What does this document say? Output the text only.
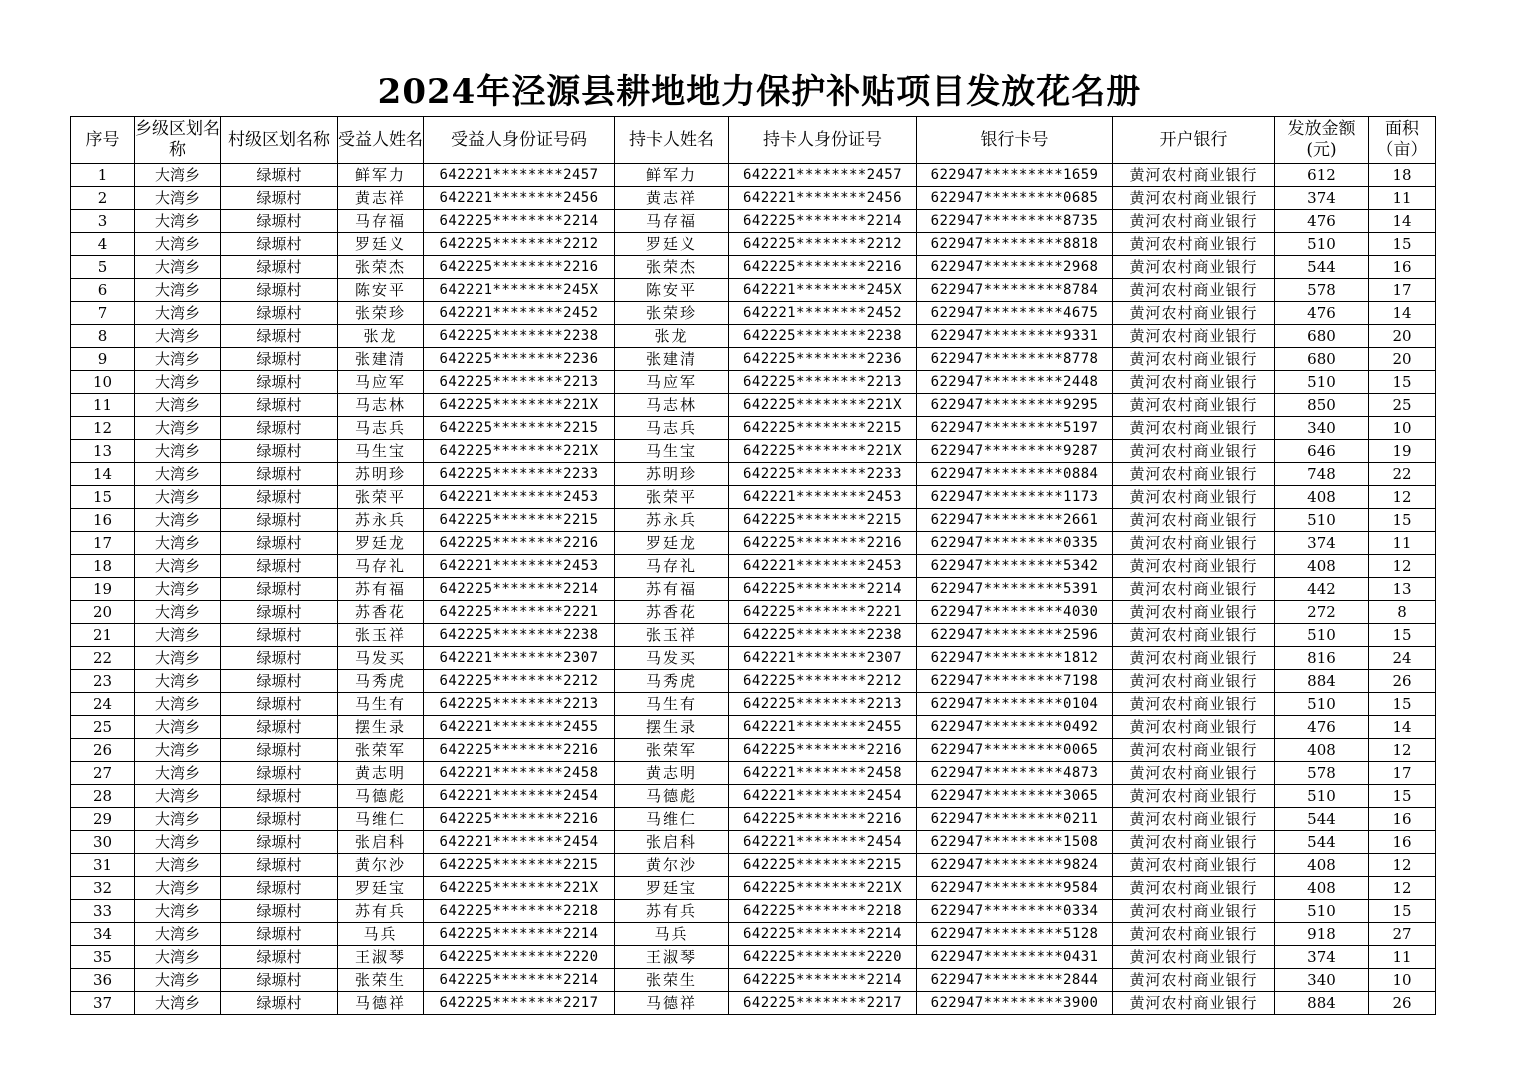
2024年泾源县耕地地力保护补贴项目发放花名册
序号	乡级区划名称	村级区划名称	受益人姓名	受益人身份证号码	持卡人姓名	持卡人身份证号	银行卡号	开户银行	发放金额(元)	面积（亩）
1	大湾乡	绿塬村	鲜军力	642221********2457	鲜军力	642221********2457	622947*********1659	黄河农村商业银行	612	18
2	大湾乡	绿塬村	黄志祥	642221********2456	黄志祥	642221********2456	622947*********0685	黄河农村商业银行	374	11
3	大湾乡	绿塬村	马存福	642225********2214	马存福	642225********2214	622947*********8735	黄河农村商业银行	476	14
4	大湾乡	绿塬村	罗廷义	642225********2212	罗廷义	642225********2212	622947*********8818	黄河农村商业银行	510	15
5	大湾乡	绿塬村	张荣杰	642225********2216	张荣杰	642225********2216	622947*********2968	黄河农村商业银行	544	16
6	大湾乡	绿塬村	陈安平	642221********245X	陈安平	642221********245X	622947*********8784	黄河农村商业银行	578	17
7	大湾乡	绿塬村	张荣珍	642221********2452	张荣珍	642221********2452	622947*********4675	黄河农村商业银行	476	14
8	大湾乡	绿塬村	张龙	642225********2238	张龙	642225********2238	622947*********9331	黄河农村商业银行	680	20
9	大湾乡	绿塬村	张建清	642225********2236	张建清	642225********2236	622947*********8778	黄河农村商业银行	680	20
10	大湾乡	绿塬村	马应军	642225********2213	马应军	642225********2213	622947*********2448	黄河农村商业银行	510	15
11	大湾乡	绿塬村	马志林	642225********221X	马志林	642225********221X	622947*********9295	黄河农村商业银行	850	25
12	大湾乡	绿塬村	马志兵	642225********2215	马志兵	642225********2215	622947*********5197	黄河农村商业银行	340	10
13	大湾乡	绿塬村	马生宝	642225********221X	马生宝	642225********221X	622947*********9287	黄河农村商业银行	646	19
14	大湾乡	绿塬村	苏明珍	642225********2233	苏明珍	642225********2233	622947*********0884	黄河农村商业银行	748	22
15	大湾乡	绿塬村	张荣平	642221********2453	张荣平	642221********2453	622947*********1173	黄河农村商业银行	408	12
16	大湾乡	绿塬村	苏永兵	642225********2215	苏永兵	642225********2215	622947*********2661	黄河农村商业银行	510	15
17	大湾乡	绿塬村	罗廷龙	642225********2216	罗廷龙	642225********2216	622947*********0335	黄河农村商业银行	374	11
18	大湾乡	绿塬村	马存礼	642221********2453	马存礼	642221********2453	622947*********5342	黄河农村商业银行	408	12
19	大湾乡	绿塬村	苏有福	642225********2214	苏有福	642225********2214	622947*********5391	黄河农村商业银行	442	13
20	大湾乡	绿塬村	苏香花	642225********2221	苏香花	642225********2221	622947*********4030	黄河农村商业银行	272	8
21	大湾乡	绿塬村	张玉祥	642225********2238	张玉祥	642225********2238	622947*********2596	黄河农村商业银行	510	15
22	大湾乡	绿塬村	马发买	642221********2307	马发买	642221********2307	622947*********1812	黄河农村商业银行	816	24
23	大湾乡	绿塬村	马秀虎	642225********2212	马秀虎	642225********2212	622947*********7198	黄河农村商业银行	884	26
24	大湾乡	绿塬村	马生有	642225********2213	马生有	642225********2213	622947*********0104	黄河农村商业银行	510	15
25	大湾乡	绿塬村	摆生录	642221********2455	摆生录	642221********2455	622947*********0492	黄河农村商业银行	476	14
26	大湾乡	绿塬村	张荣军	642225********2216	张荣军	642225********2216	622947*********0065	黄河农村商业银行	408	12
27	大湾乡	绿塬村	黄志明	642221********2458	黄志明	642221********2458	622947*********4873	黄河农村商业银行	578	17
28	大湾乡	绿塬村	马德彪	642221********2454	马德彪	642221********2454	622947*********3065	黄河农村商业银行	510	15
29	大湾乡	绿塬村	马维仁	642225********2216	马维仁	642225********2216	622947*********0211	黄河农村商业银行	544	16
30	大湾乡	绿塬村	张启科	642221********2454	张启科	642221********2454	622947*********1508	黄河农村商业银行	544	16
31	大湾乡	绿塬村	黄尔沙	642225********2215	黄尔沙	642225********2215	622947*********9824	黄河农村商业银行	408	12
32	大湾乡	绿塬村	罗廷宝	642225********221X	罗廷宝	642225********221X	622947*********9584	黄河农村商业银行	408	12
33	大湾乡	绿塬村	苏有兵	642225********2218	苏有兵	642225********2218	622947*********0334	黄河农村商业银行	510	15
34	大湾乡	绿塬村	马兵	642225********2214	马兵	642225********2214	622947*********5128	黄河农村商业银行	918	27
35	大湾乡	绿塬村	王淑琴	642225********2220	王淑琴	642225********2220	622947*********0431	黄河农村商业银行	374	11
36	大湾乡	绿塬村	张荣生	642225********2214	张荣生	642225********2214	622947*********2844	黄河农村商业银行	340	10
37	大湾乡	绿塬村	马德祥	642225********2217	马德祥	642225********2217	622947*********3900	黄河农村商业银行	884	26
